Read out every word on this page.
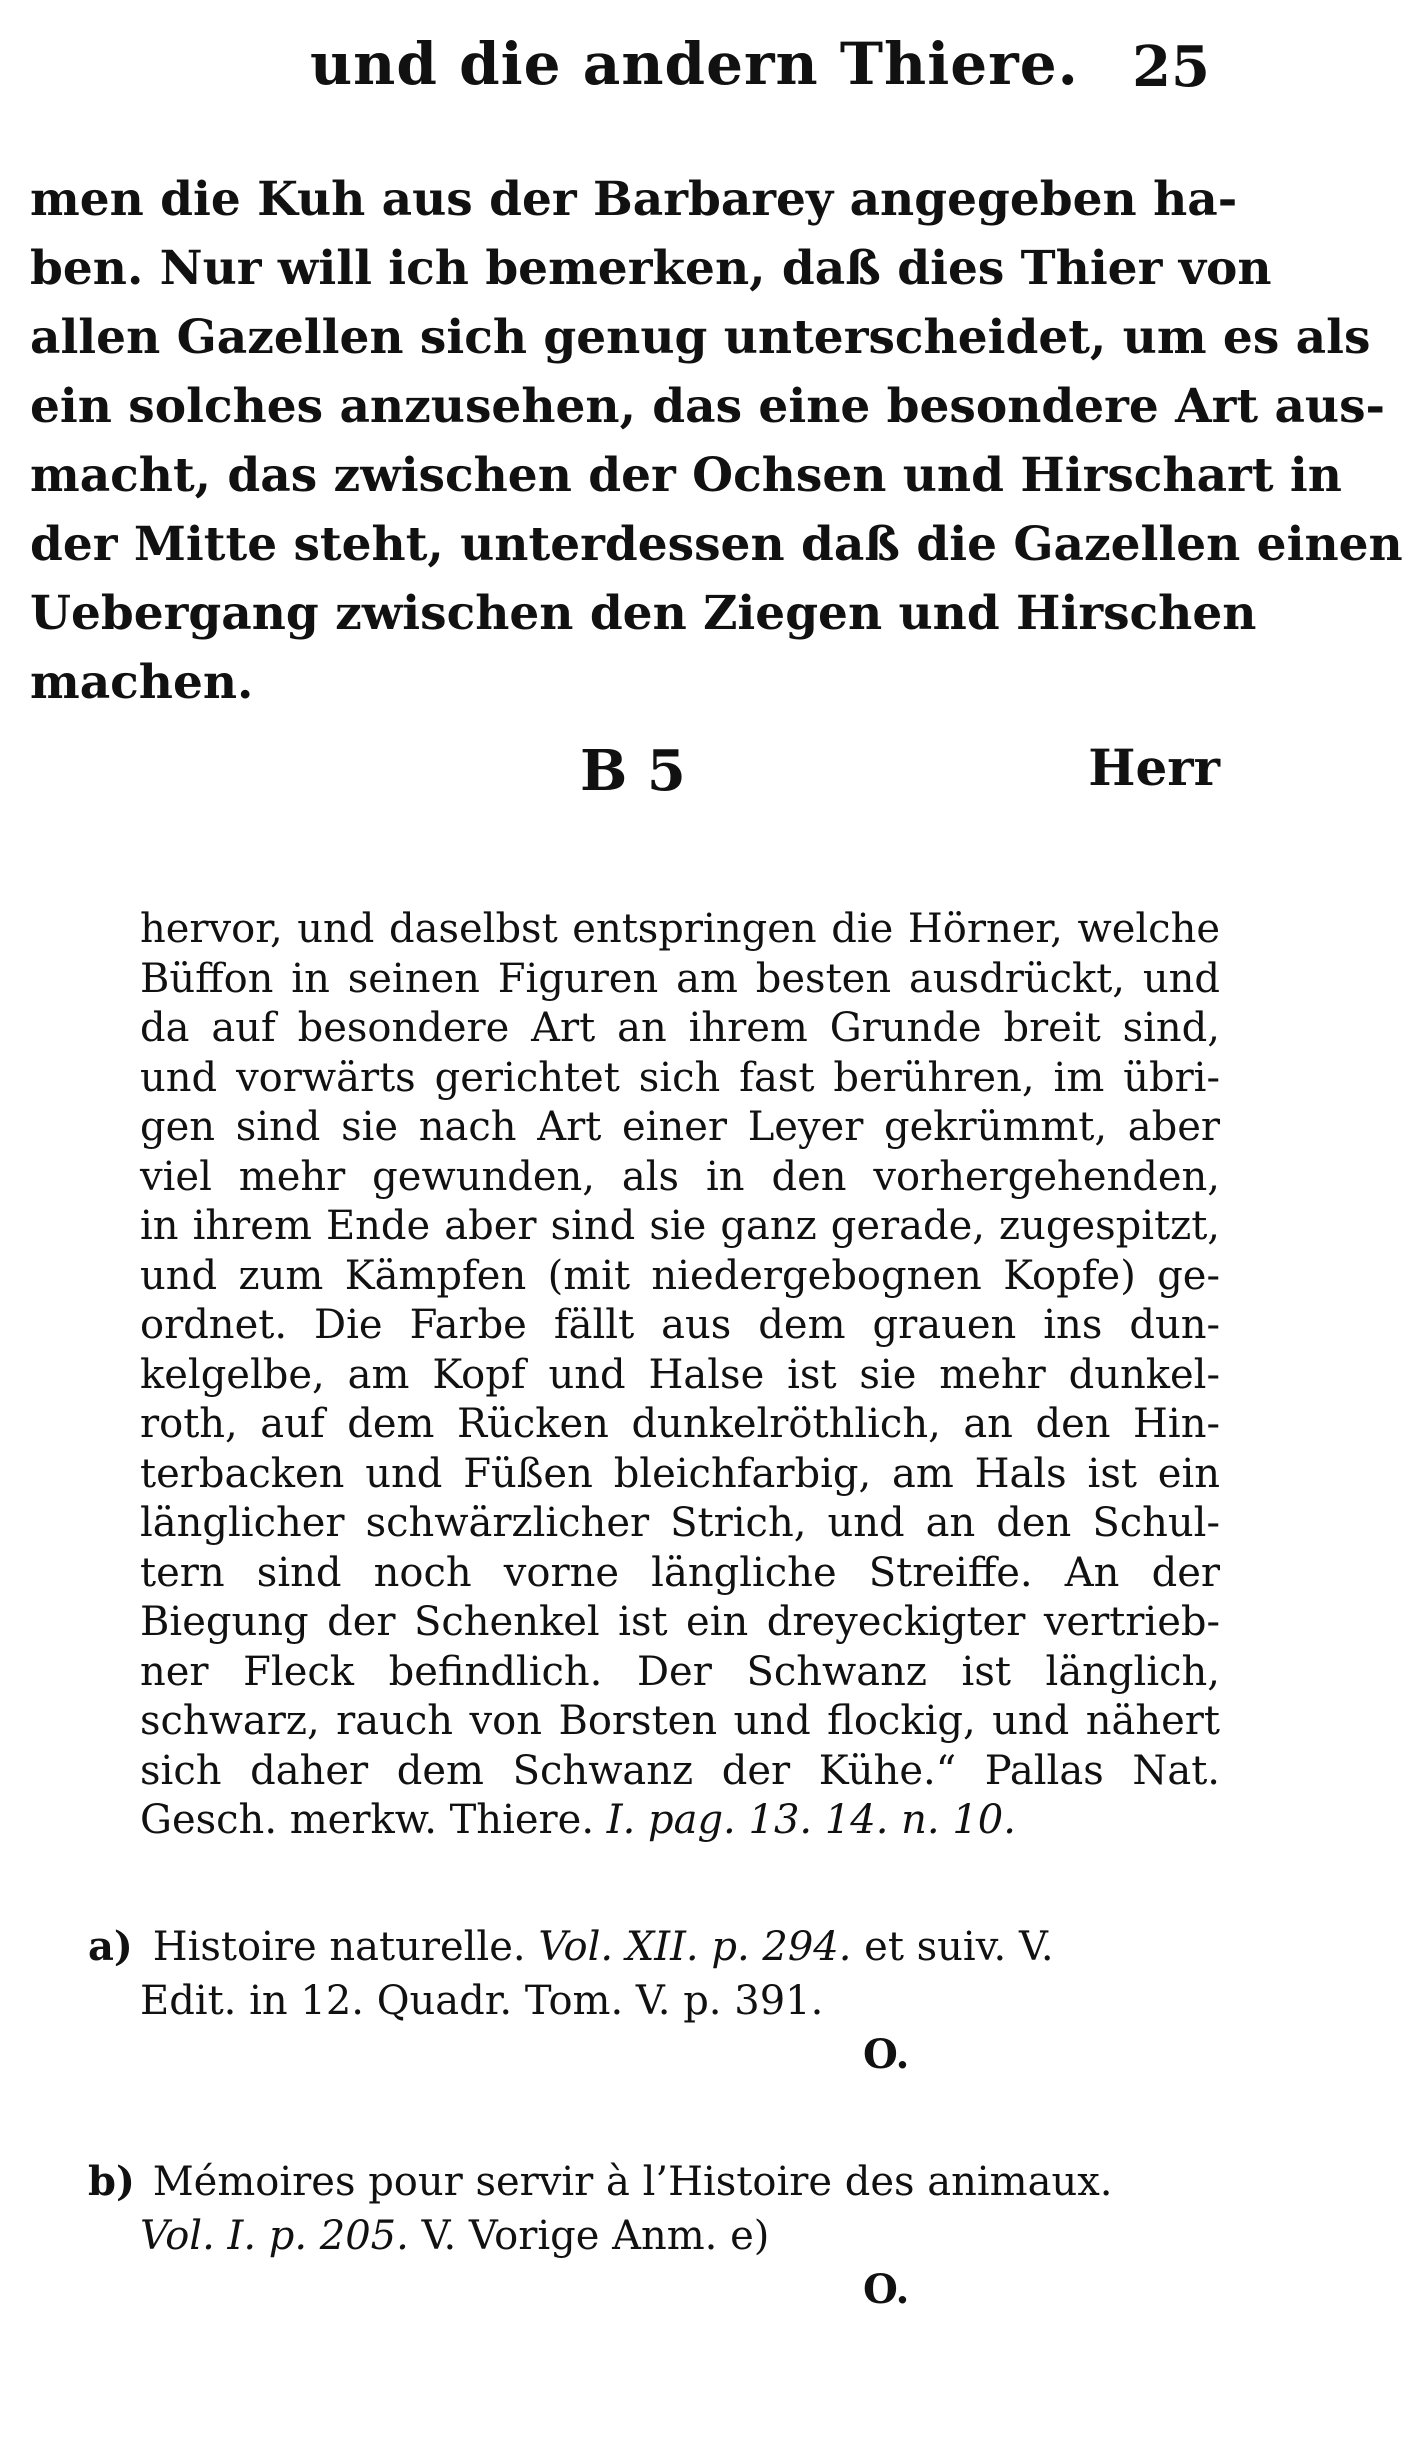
und die andern Thiere. 25
men die Kuh aus der Barbarey angegeben ha-
ben. Nur will ich bemerken, daß dies Thier von
allen Gazellen sich genug unterscheidet, um es als
ein solches anzusehen, das eine besondere Art aus-
macht, das zwischen der Ochsen und Hirschart in
der Mitte steht, unterdessen daß die Gazellen einen
Uebergang zwischen den Ziegen und Hirschen
machen.
B 5	Herr
hervor, und daselbst entspringen die Hörner, welche
Büffon in seinen Figuren am besten ausdrückt, und
da auf besondere Art an ihrem Grunde breit sind,
und vorwärts gerichtet sich fast berühren, im übri-
gen sind sie nach Art einer Leyer gekrümmt, aber
viel mehr gewunden, als in den vorhergehenden,
in ihrem Ende aber sind sie ganz gerade, zugespitzt,
und zum Kämpfen (mit niedergebognen Kopfe) ge-
ordnet. Die Farbe fällt aus dem grauen ins dun-
kelgelbe, am Kopf und Halse ist sie mehr dunkel-
roth, auf dem Rücken dunkelröthlich, an den Hin-
terbacken und Füßen bleichfarbig, am Hals ist ein
länglicher schwärzlicher Strich, und an den Schul-
tern sind noch vorne längliche Streiffe. An der
Biegung der Schenkel ist ein dreyeckigter vertrieb-
ner Fleck befindlich. Der Schwanz ist länglich,
schwarz, rauch von Borsten und flockig, und nähert
sich daher dem Schwanz der Kühe.“ Pallas Nat.
Gesch. merkw. Thiere. I. pag. 13. 14. n. 10.
a) Histoire naturelle. Vol. XII. p. 294. et suiv. V.
Edit. in 12. Quadr. Tom. V. p. 391.
O.
b) Mémoires pour servir à l’Histoire des animaux.
Vol. I. p. 205. V. Vorige Anm. e)
O.
